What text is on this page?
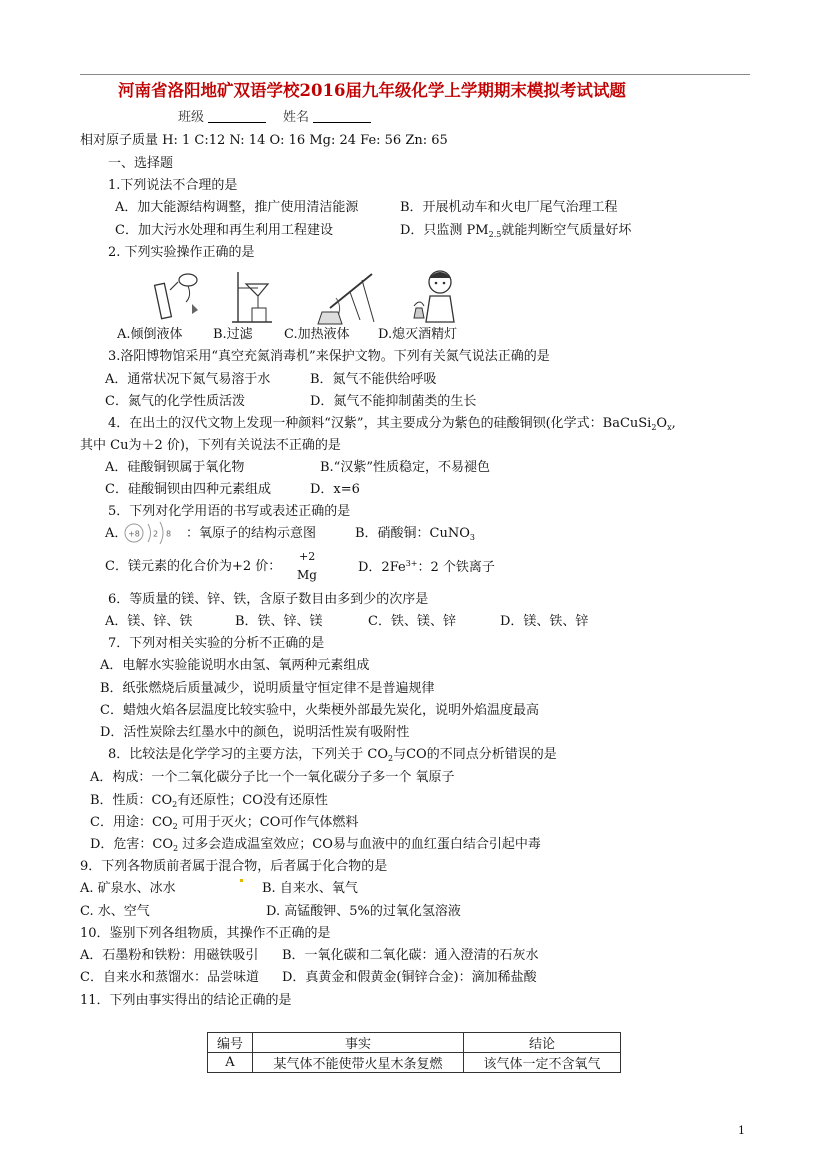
河南省洛阳地矿双语学校2016届九年级化学上学期期末模拟考试试题
班级	姓名
相对原子质量 H: 1 C:12 N: 14 O: 16 Mg: 24 Fe: 56 Zn: 65
一、选择题
1.下列说法不合理的是
A．加大能源结构调整，推广使用清洁能源	B．开展机动车和火电厂尾气治理工程
C．加大污水处理和再生利用工程建设	D．只监测 $PM_{2.5}$就能判断空气质量好坏
2. 下列实验操作正确的是
A.倾倒液体 B.过滤 C.加热液体 D.熄灭酒精灯
3.洛阳博物馆采用“真空充氮消毒机”来保护文物。下列有关氮气说法正确的是
A．通常状况下氮气易溶于水	B．氮气不能供给呼吸
C．氮气的化学性质活泼	D．氮气不能抑制菌类的生长
4．在出土的汉代文物上发现一种颜料“汉紫”，其主要成分为紫色的硅酸铜钡(化学式：$BaCuSi_2O_x$,
其中 Cu为＋2 价)，下列有关说法不正确的是
A．硅酸铜钡属于氧化物	B.“汉紫”性质稳定，不易褪色
C．硅酸铜钡由四种元素组成	D．x=6
5．下列对化学用语的书写或表述正确的是
A． +8 2 8 ：氧原子的结构示意图	B．硝酸铜：CuNO$_3$
C．镁元素的化合价为+2 价：
+2
Mg	D．$2Fe^{3+}$：2 个铁离子
6．等质量的镁、锌、铁，含原子数目由多到少的次序是
A．镁、锌、铁	B．铁、锌、镁	C．铁、镁、锌	D．镁、铁、锌
7．下列对相关实验的分析不正确的是
A．电解水实验能说明水由氢、氧两种元素组成
B．纸张燃烧后质量减少，说明质量守恒定律不是普遍规律
C．蜡烛火焰各层温度比较实验中，火柴梗外部最先炭化，说明外焰温度最高
D．活性炭除去红墨水中的颜色，说明活性炭有吸附性
8．比较法是化学学习的主要方法，下列关于 $CO_2$与CO的不同点分析错误的是
A．构成：一个二氧化碳分子比一个一氧化碳分子多一个 氧原子
B．性质：$CO_2$有还原性；CO没有还原性
C．用途：$CO_2$ 可用于灭火；CO可作气体燃料
D．危害：$CO_2$ 过多会造成温室效应；CO易与血液中的血红蛋白结合引起中毒
9．下列各物质前者属于混合物，后者属于化合物的是
A. 矿泉水、冰水	B. 自来水、氧气
C. 水、空气	D. 高锰酸钾、5%的过氧化氢溶液
10．鉴别下列各组物质，其操作不正确的是
A．石墨粉和铁粉：用磁铁吸引 B．一氧化碳和二氧化碳：通入澄清的石灰水
C．自来水和蒸馏水：品尝味道 D．真黄金和假黄金(铜锌合金)：滴加稀盐酸
11．下列由事实得出的结论正确的是
编号	事实	结论
A	某气体不能使带火星木条复燃	该气体一定不含氧气
1
